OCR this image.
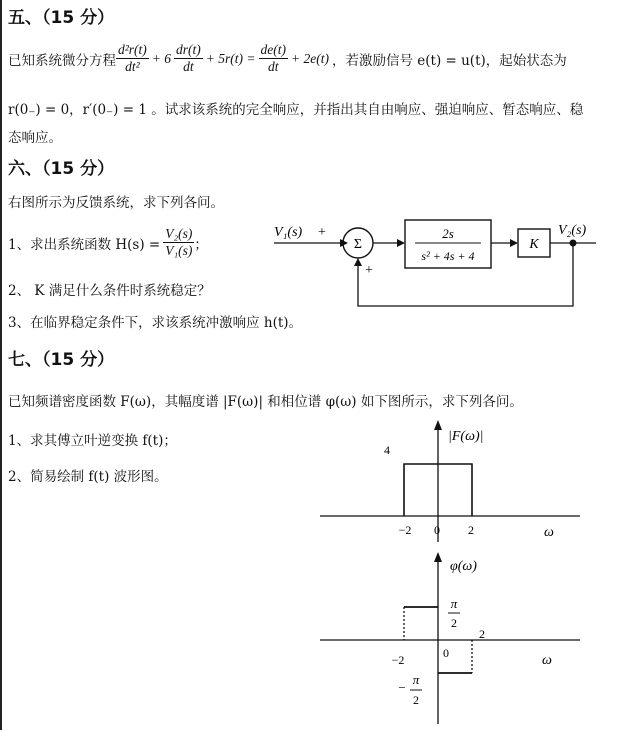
五、（15 分）
已知系统微分方程 $\frac{\text{d²r(t)}}{\text{dt²}} + 6 \frac{dr(t)}{dt} + 5r(t) = \frac{de(t)}{dt} + 2e(t)$ ，若激励信号 e(t) = u(t)，起始状态为
r(0₋) = 0，r′(0₋) = 1 。试求该系统的完全响应，并指出其自由响应、强迫响应、暂态响应、稳
态响应。
六、（15 分）
右图所示为反馈系统，求下列各问。
1、求出系统函数 $H(s) = \frac{\text{V₂(s)}}{\text{V₁(s)}}$ ；
2、 K 满足什么条件时系统稳定？
3、在临界稳定条件下，求该系统冲激响应 h(t)。
V₁(s) +
Σ
2s
s² + 4s + 4
K
V₂(s)
+
七、（15 分）
已知频谱密度函数 F(ω)，其幅度谱 |F(ω)| 和相位谱 φ(ω) 如下图所示，求下列各问。
1、求其傅立叶逆变换 f(t)；
2、简易绘制 f(t) 波形图。
|F(ω)|
4
−2 0 2	ω
φ(ω)
π
2
2
−2	0	ω
−
π
2
